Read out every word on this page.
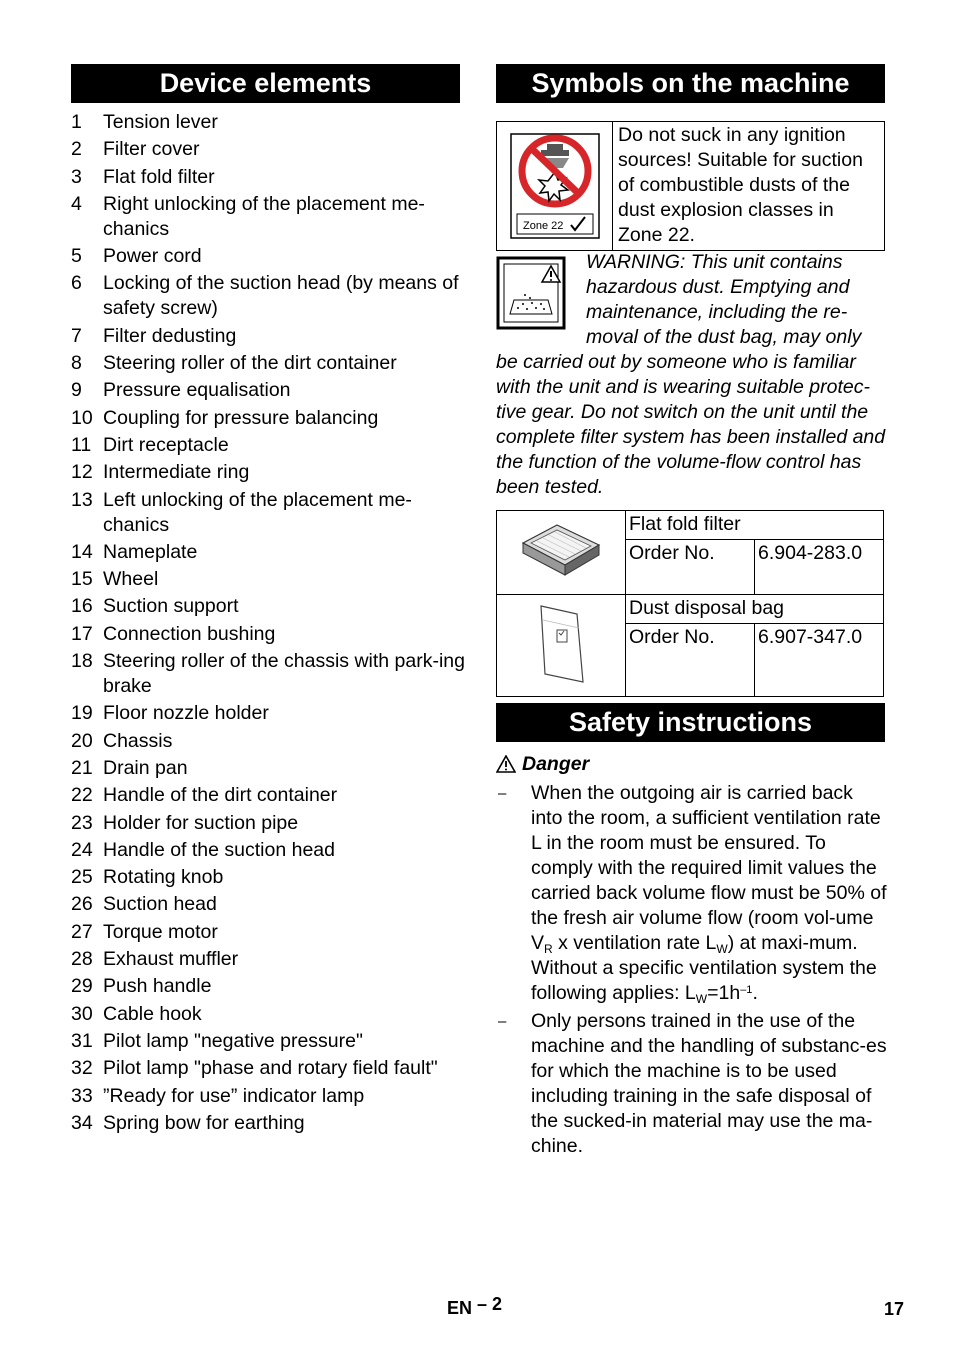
Device elements	Symbols on the machine
1	Tension lever
2	Filter cover
3	Flat fold filter
4	Right unlocking of the placement me-chanics
5	Power cord
6	Locking of the suction head (by means of safety screw)
7	Filter dedusting
8	Steering roller of the dirt container
9	Pressure equalisation
10 Coupling for pressure balancing
11 Dirt receptacle
12 Intermediate ring
13 Left unlocking of the placement me-chanics
14 Nameplate
15 Wheel
16 Suction support
17 Connection bushing
18 Steering roller of the chassis with park-ing brake
19 Floor nozzle holder
20 Chassis
21 Drain pan
22 Handle of the dirt container
23 Holder for suction pipe
24 Handle of the suction head
25 Rotating knob
26 Suction head
27 Torque motor
28 Exhaust muffler
29 Push handle
30 Cable hook
31 Pilot lamp "negative pressure"
32 Pilot lamp "phase and rotary field fault"
33 ”Ready for use” indicator lamp
34 Spring bow for earthing
Zone 22
Do not suck in any ignition sources! Suitable for suction of combustible dusts of the dust explosion classes in Zone 22.
WARNING: This unit contains hazardous dust. Emptying and maintenance, including the re-moval of the dust bag, may only be carried out by someone who is familiar with the unit and is wearing suitable protec-tive gear. Do not switch on the unit until the complete filter system has been installed and the function of the volume-flow control has been tested.
	Flat fold filter	
	Order No.	6.904-283.0
	Dust disposal bag	
	Order No.	6.907-347.0
Safety instructions
Danger
–	When the outgoing air is carried back into the room, a sufficient ventilation rate L in the room must be ensured. To comply with the required limit values the carried back volume flow must be 50% of the fresh air volume flow (room vol-ume $V_R$ x ventilation rate $L_W$) at maxi-mum. Without a specific ventilation system the following applies: $L_W=1h^{-1}$.
–	Only persons trained in the use of the machine and the handling of substanc-es for which the machine is to be used including training in the safe disposal of the sucked-in material may use the ma-chine.
EN – 2	17
